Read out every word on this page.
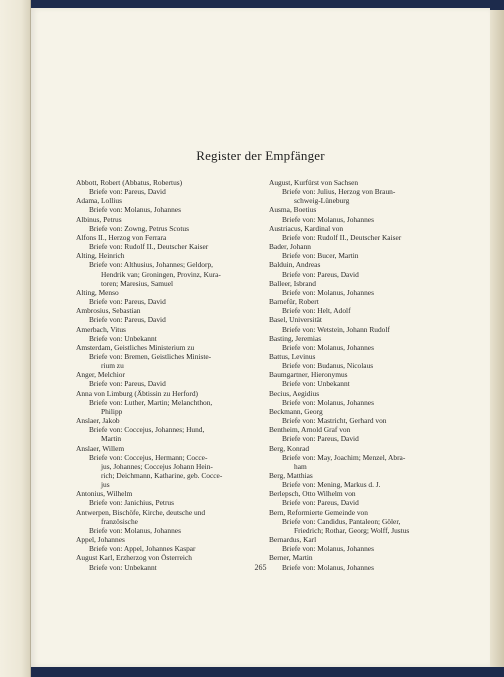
Register der Empfänger
Abbott, Robert (Abbatus, Robertus)
Briefe von: Pareus, David
Adama, Lollius
Briefe von: Molanus, Johannes
Albinus, Petrus
Briefe von: Zowng, Petrus Scotus
Alfons II., Herzog von Ferrara
Briefe von: Rudolf II., Deutscher Kaiser
Alting, Heinrich
Briefe von: Althusius, Johannes; Geldorp,
Hendrik van; Groningen, Provinz, Kura-
toren; Maresius, Samuel
Alting, Menso
Briefe von: Pareus, David
Ambrosius, Sebastian
Briefe von: Pareus, David
Amerbach, Vitus
Briefe von: Unbekannt
Amsterdam, Geistliches Ministerium zu
Briefe von: Bremen, Geistliches Ministe-
rium zu
Anger, Melchior
Briefe von: Pareus, David
Anna von Limburg (Äbtissin zu Herford)
Briefe von: Luther, Martin; Melanchthon,
Philipp
Anslaer, Jakob
Briefe von: Coccejus, Johannes; Hund,
Martin
Anslaer, Willem
Briefe von: Coccejus, Hermann; Cocce-
jus, Johannes; Coccejus Johann Hein-
rich; Deichmann, Katharine, geb. Cocce-
jus
Antonius, Wilhelm
Briefe von: Janichius, Petrus
Antwerpen, Bischöfe, Kirche, deutsche und
französische
Briefe von: Molanus, Johannes
Appel, Johannes
Briefe von: Appel, Johannes Kaspar
August Karl, Erzherzog von Österreich
Briefe von: Unbekannt
August, Kurfürst von Sachsen
Briefe von: Julius, Herzog von Braun-
schweig-Lüneburg
Ausma, Boetius
Briefe von: Molanus, Johannes
Austriacus, Kardinal von
Briefe von: Rudolf II., Deutscher Kaiser
Bader, Johann
Briefe von: Bucer, Martin
Balduin, Andreas
Briefe von: Pareus, David
Balleer, Isbrand
Briefe von: Molanus, Johannes
Barnefür, Robert
Briefe von: Helt, Adolf
Basel, Universität
Briefe von: Wetstein, Johann Rudolf
Basting, Jeremias
Briefe von: Molanus, Johannes
Battus, Levinus
Briefe von: Budanus, Nicolaus
Baumgartner, Hieronymus
Briefe von: Unbekannt
Becius, Aegidius
Briefe von: Molanus, Johannes
Beckmann, Georg
Briefe von: Mastricht, Gerhard von
Bentheim, Arnold Graf von
Briefe von: Pareus, David
Berg, Konrad
Briefe von: May, Joachim; Menzel, Abra-
ham
Berg, Matthias
Briefe von: Mening, Markus d. J.
Berlepsch, Otto Wilhelm von
Briefe von: Pareus, David
Bern, Reformierte Gemeinde von
Briefe von: Candidus, Pantaleon; Göler,
Friedrich; Rothar, Georg; Wolff, Justus
Bernardus, Karl
Briefe von: Molanus, Johannes
Berner, Martin
Briefe von: Molanus, Johannes
265
